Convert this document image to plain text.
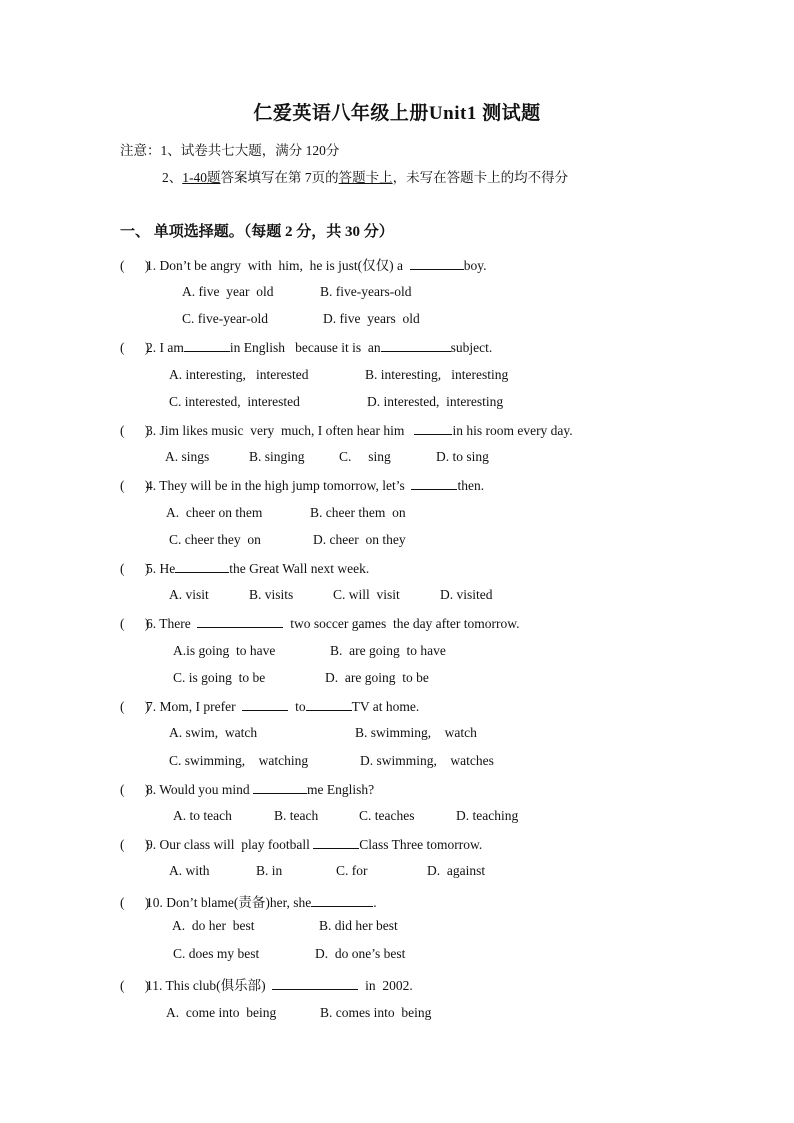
仁爱英语八年级上册Unit1 测试题
注意：1、试卷共七大题，满分 120分
2、1-40题答案填写在第 7页的答题卡上，未写在答题卡上的均不得分
一、 单项选择题。（每题 2 分，共 30 分）
(      )1. Don’t be angry  with  him,  he is just(仅仅) a	boy.
A. five  year  old	B. five-years-old
C. five-year-old	D. five  years  old
(      )2. I am	in English   because it is  an	subject.
A. interesting,   interested	B. interesting,   interesting
C. interested,  interested	D. interested,  interesting
(      )3. Jim likes music  very  much, I often hear him	in his room every day.
A. sings	B. singing	C.     sing	D. to sing
(      )4. They will be in the high jump tomorrow, let’s	then.
A.  cheer on them	B. cheer them  on
C. cheer they  on	D. cheer  on they
(      )5. He	the Great Wall next week.
A. visit	B. visits	C. will  visit	D. visited
(      )6. There	two soccer games  the day after tomorrow.
A.is going  to have	B.  are going  to have
C. is going  to be	D.  are going  to be
(      )7. Mom, I prefer	to	TV at home.
A. swim,  watch	B. swimming,    watch
C. swimming,    watching	D. swimming,    watches
(      )8. Would you mind	me English?
A. to teach	B. teach	C. teaches	D. teaching
(      )9. Our class will  play football	Class Three tomorrow.
A. with	B. in	C. for	D.  against
(      )10. Don’t blame(责备)her, she	.
A.  do her  best	B. did her best
C. does my best	D.  do one’s best
(      )11. This club(俱乐部)	in  2002.
A.  come into  being	B. comes into  being
